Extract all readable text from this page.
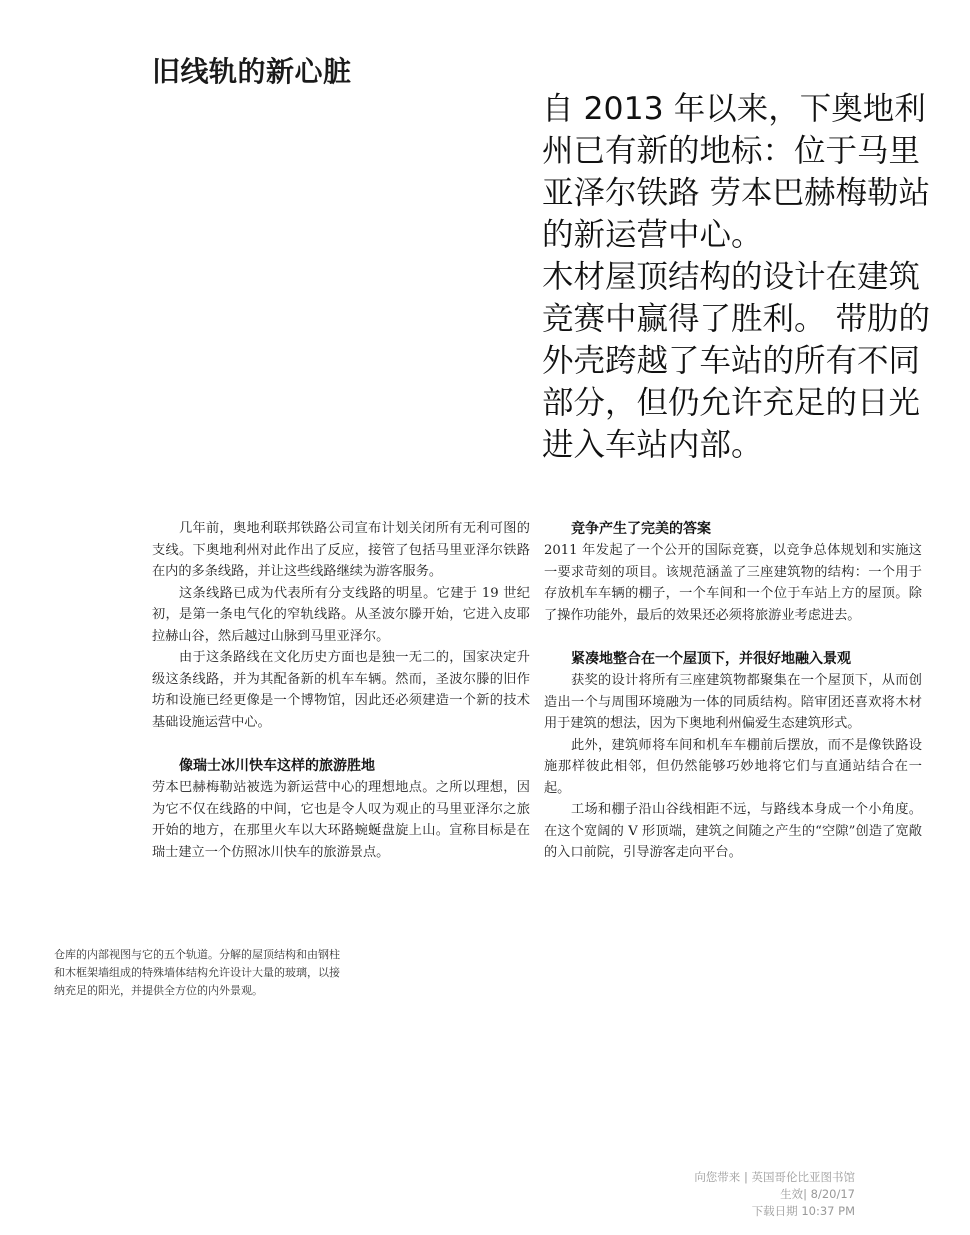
旧线轨的新心脏

自 2013 年以来，下奥地利州已有新的地标：位于马里亚泽尔铁路 劳本巴赫梅勒站的新运营中心。

木材屋顶结构的设计在建筑竞赛中赢得了胜利。 带肋的外壳跨越了车站的所有不同部分，但仍允许充足的日光进入车站内部。

几年前，奥地利联邦铁路公司宣布计划关闭所有无利可图的支线。下奥地利州对此作出了反应，接管了包括马里亚泽尔铁路在内的多条线路，并让这些线路继续为游客服务。

这条线路已成为代表所有分支线路的明星。它建于 19 世纪初，是第一条电气化的窄轨线路。从圣波尔滕开始，它进入皮耶拉赫山谷，然后越过山脉到马里亚泽尔。

由于这条路线在文化历史方面也是独一无二的，国家决定升级这条线路，并为其配备新的机车车辆。然而，圣波尔滕的旧作坊和设施已经更像是一个博物馆，因此还必须建造一个新的技术基础设施运营中心。

像瑞士冰川快车这样的旅游胜地

劳本巴赫梅勒站被选为新运营中心的理想地点。之所以理想，因为它不仅在线路的中间，它也是令人叹为观止的马里亚泽尔之旅开始的地方，在那里火车以大环路蜿蜒盘旋上山。宣称目标是在瑞士建立一个仿照冰川快车的旅游景点。

竞争产生了完美的答案

2011 年发起了一个公开的国际竞赛，以竞争总体规划和实施这一要求苛刻的项目。该规范涵盖了三座建筑物的结构：一个用于存放机车车辆的棚子，一个车间和一个位于车站上方的屋顶。除了操作功能外，最后的效果还必须将旅游业考虑进去。

紧凑地整合在一个屋顶下，并很好地融入景观

获奖的设计将所有三座建筑物都聚集在一个屋顶下，从而创造出一个与周围环境融为一体的同质结构。陪审团还喜欢将木材用于建筑的想法，因为下奥地利州偏爱生态建筑形式。

此外，建筑师将车间和机车车棚前后摆放，而不是像铁路设施那样彼此相邻，但仍然能够巧妙地将它们与直通站结合在一起。

工场和棚子沿山谷线相距不远，与路线本身成一个小角度。在这个宽阔的 V 形顶端，建筑之间随之产生的“空隙”创造了宽敞的入口前院，引导游客走向平台。

仓库的内部视图与它的五个轨道。分解的屋顶结构和由钢柱和木框架墙组成的特殊墙体结构允许设计大量的玻璃，以接纳充足的阳光，并提供全方位的内外景观。

向您带来 | 英国哥伦比亚图书馆
生效| 8/20/17
下载日期 10:37 PM
